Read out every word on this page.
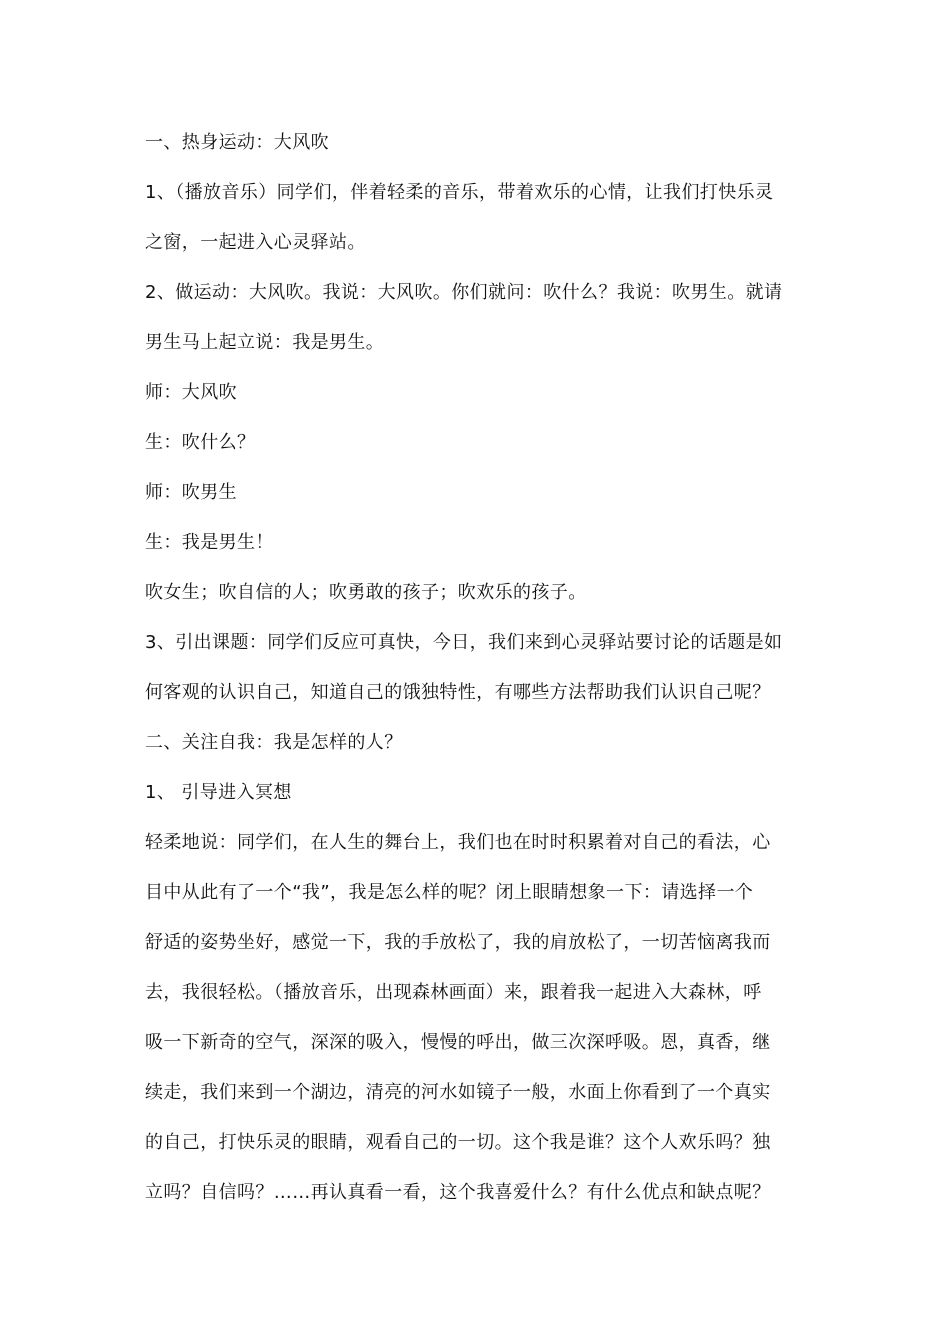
一、热身运动：大风吹
1、（播放音乐）同学们，伴着轻柔的音乐，带着欢乐的心情，让我们打快乐灵
之窗，一起进入心灵驿站。
2、做运动：大风吹。我说：大风吹。你们就问：吹什么？我说：吹男生。就请
男生马上起立说：我是男生。
师：大风吹
生：吹什么？
师：吹男生
生：我是男生！
吹女生；吹自信的人；吹勇敢的孩子；吹欢乐的孩子。
3、引出课题：同学们反应可真快，今日，我们来到心灵驿站要讨论的话题是如
何客观的认识自己，知道自己的饿独特性，有哪些方法帮助我们认识自己呢？
二、关注自我：我是怎样的人？
1、 引导进入冥想
轻柔地说：同学们，在人生的舞台上，我们也在时时积累着对自己的看法，心
目中从此有了一个“我”，我是怎么样的呢？闭上眼睛想象一下：请选择一个
舒适的姿势坐好，感觉一下，我的手放松了，我的肩放松了，一切苦恼离我而
去，我很轻松。（播放音乐，出现森林画面）来，跟着我一起进入大森林，呼
吸一下新奇的空气，深深的吸入，慢慢的呼出，做三次深呼吸。恩，真香，继
续走，我们来到一个湖边，清亮的河水如镜子一般，水面上你看到了一个真实
的自己，打快乐灵的眼睛，观看自己的一切。这个我是谁？这个人欢乐吗？独
立吗？自信吗？……再认真看一看，这个我喜爱什么？有什么优点和缺点呢？
